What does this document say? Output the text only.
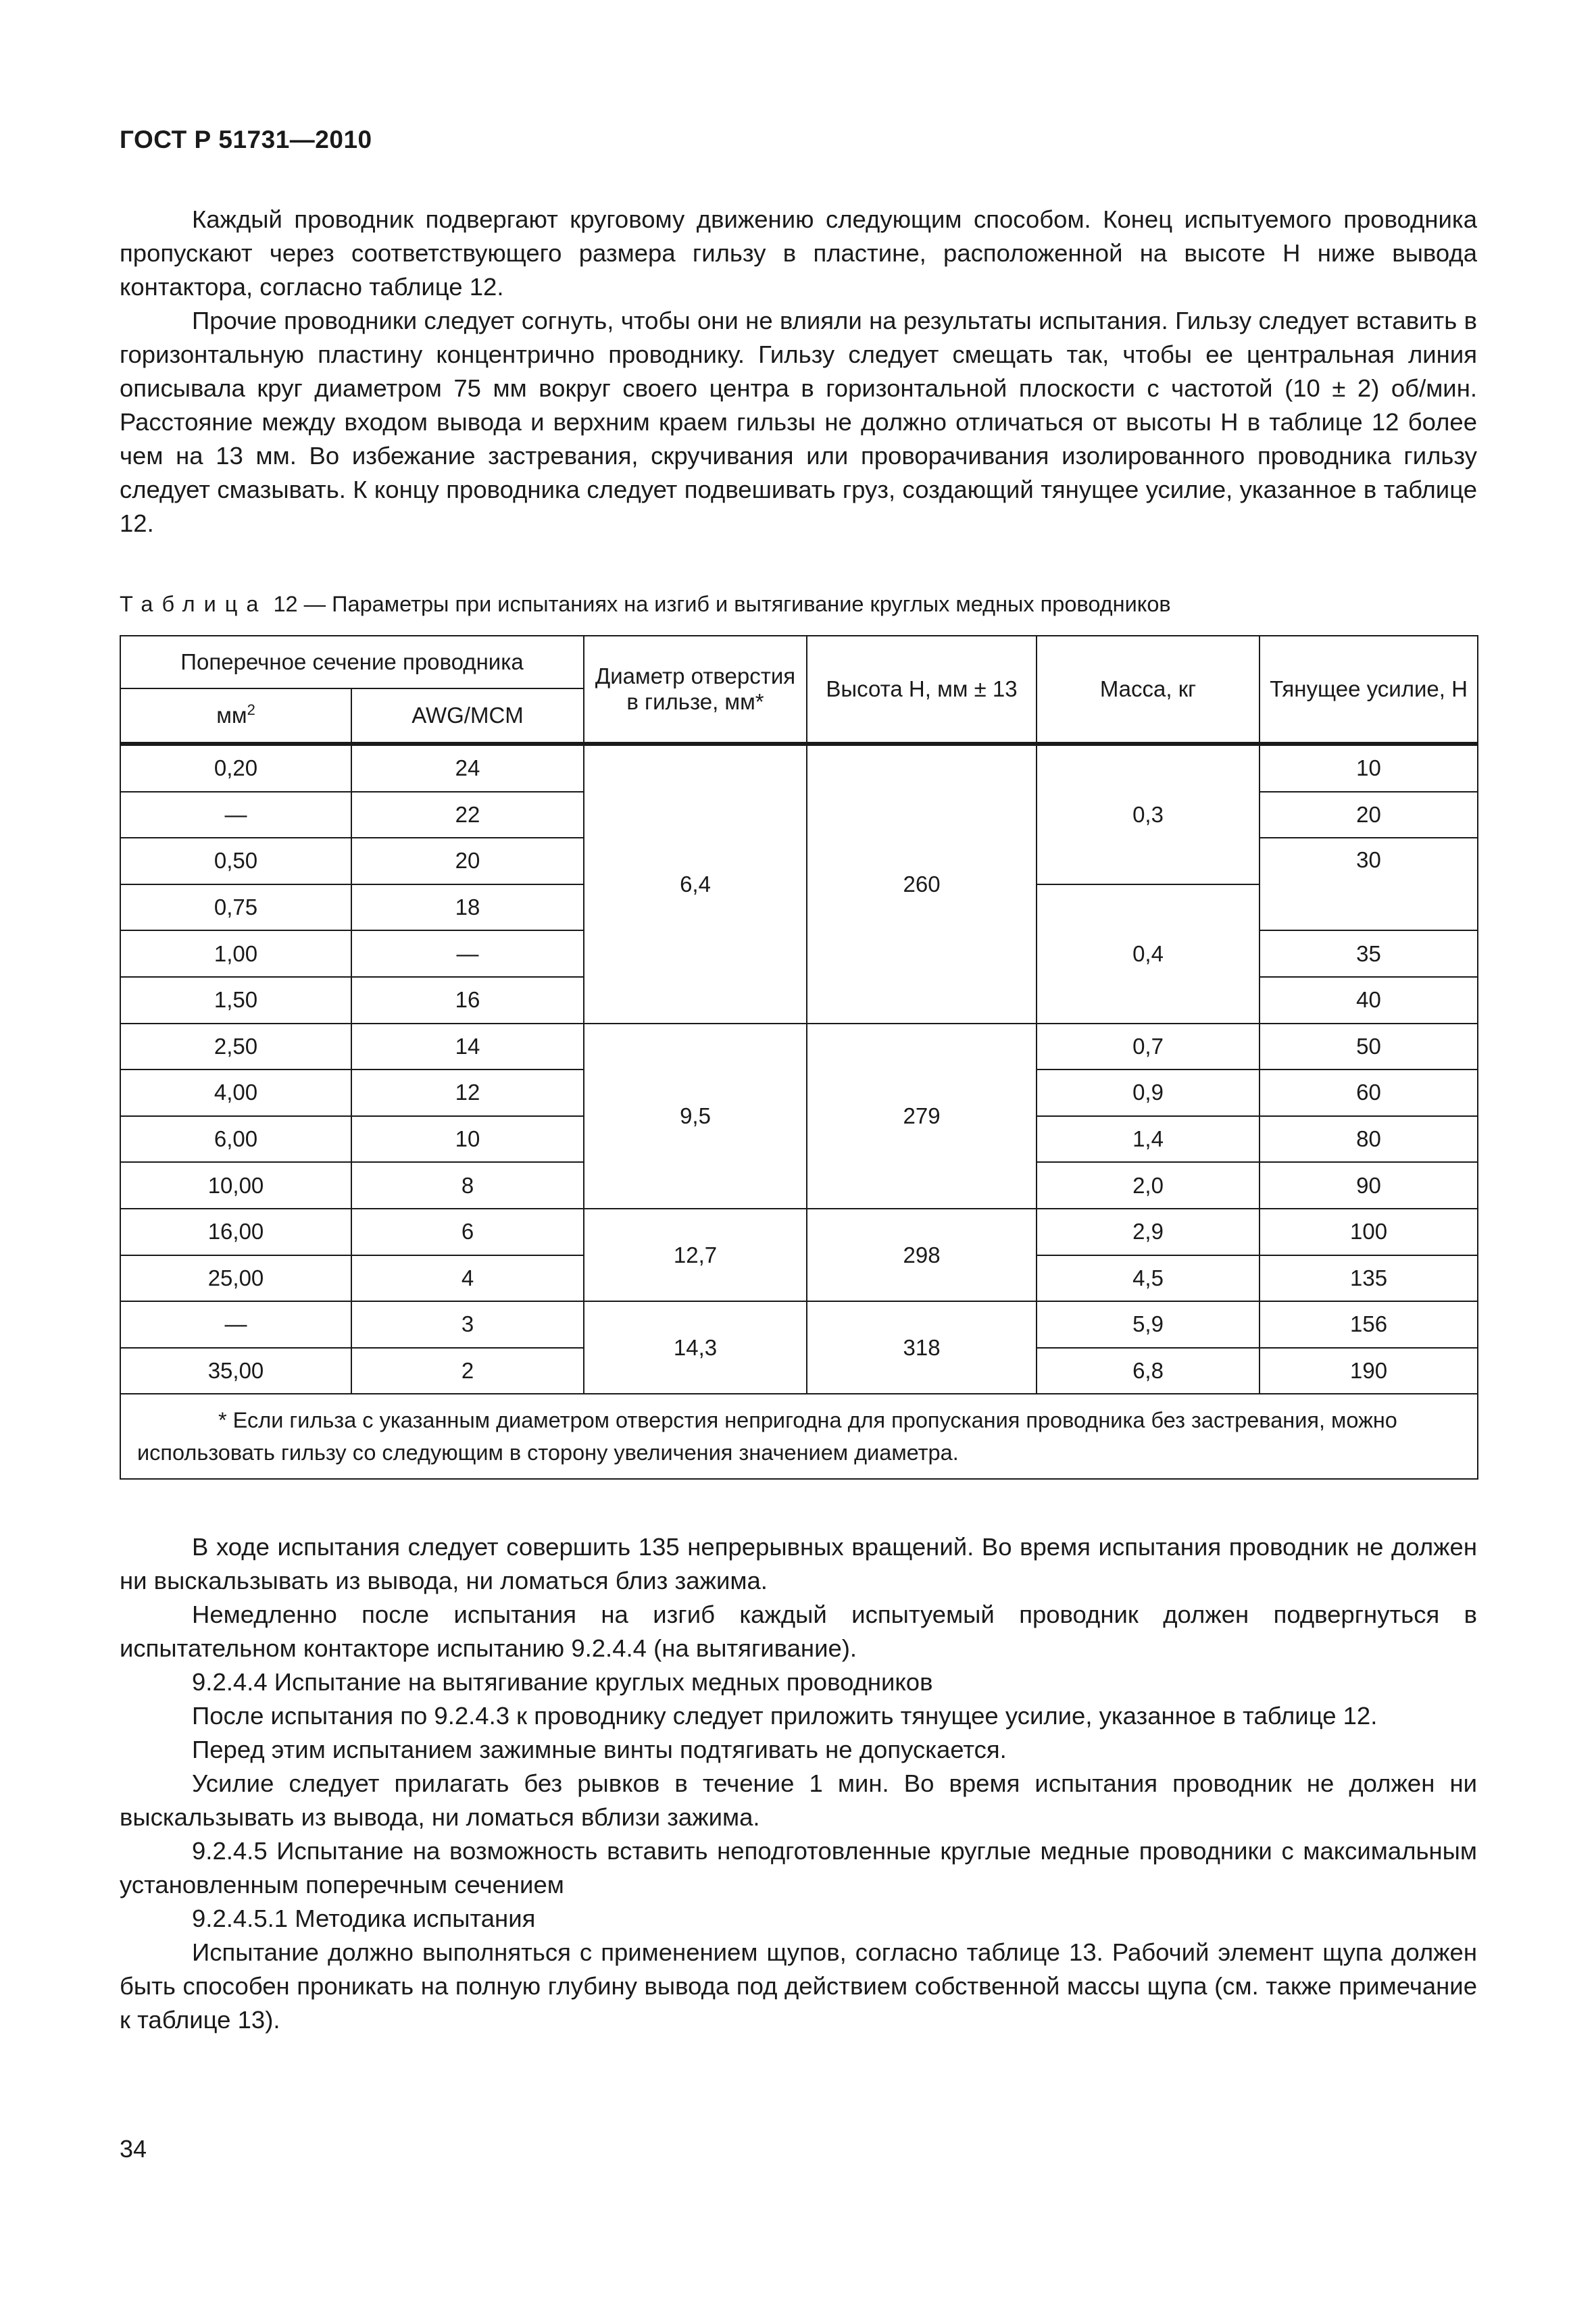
ГОСТ Р 51731—2010

Каждый проводник подвергают круговому движению следующим способом. Конец испытуемого проводника пропускают через соответствующего размера гильзу в пластине, расположенной на высоте H ниже вывода контактора, согласно таблице 12.

Прочие проводники следует согнуть, чтобы они не влияли на результаты испытания. Гильзу следует вставить в горизонтальную пластину концентрично проводнику. Гильзу следует смещать так, чтобы ее центральная линия описывала круг диаметром 75 мм вокруг своего центра в горизонтальной плоскости с частотой (10 ± 2) об/мин. Расстояние между входом вывода и верхним краем гильзы не должно отличаться от высоты H в таблице 12 более чем на 13 мм. Во избежание застревания, скручивания или проворачивания изолированного проводника гильзу следует смазывать. К концу проводника следует подвешивать груз, создающий тянущее усилие, указанное в таблице 12.

Таблица 12 — Параметры при испытаниях на изгиб и вытягивание круглых медных проводников
Поперечное сечение проводника		Диаметр отверстия в гильзе, мм*	Высота H, мм ± 13	Масса, кг	Тянущее усилие, Н
$мм^2$	AWG/MCM				
0,20	24	6,4	260	0,3	10
—	22				20
0,50	20				30
0,75	18			0,4	
1,00	—				35
1,50	16				40
2,50	14	9,5	279	0,7	50
4,00	12			0,9	60
6,00	10			1,4	80
10,00	8			2,0	90
16,00	6	12,7	298	2,9	100
25,00	4			4,5	135
—	3	14,3	318	5,9	156
35,00	2			6,8	190
* Если гильза с указанным диаметром отверстия непригодна для пропускания проводника без застревания, можно использовать гильзу со следующим в сторону увеличения значением диаметра.					

В ходе испытания следует совершить 135 непрерывных вращений. Во время испытания проводник не должен ни выскальзывать из вывода, ни ломаться близ зажима.

Немедленно после испытания на изгиб каждый испытуемый проводник должен подвергнуться в испытательном контакторе испытанию 9.2.4.4 (на вытягивание).

9.2.4.4 Испытание на вытягивание круглых медных проводников

После испытания по 9.2.4.3 к проводнику следует приложить тянущее усилие, указанное в таблице 12.

Перед этим испытанием зажимные винты подтягивать не допускается.

Усилие следует прилагать без рывков в течение 1 мин. Во время испытания проводник не должен ни выскальзывать из вывода, ни ломаться вблизи зажима.

9.2.4.5 Испытание на возможность вставить неподготовленные круглые медные проводники с максимальным установленным поперечным сечением

9.2.4.5.1 Методика испытания

Испытание должно выполняться с применением щупов, согласно таблице 13. Рабочий элемент щупа должен быть способен проникать на полную глубину вывода под действием собственной массы щупа (см. также примечание к таблице 13).

34
